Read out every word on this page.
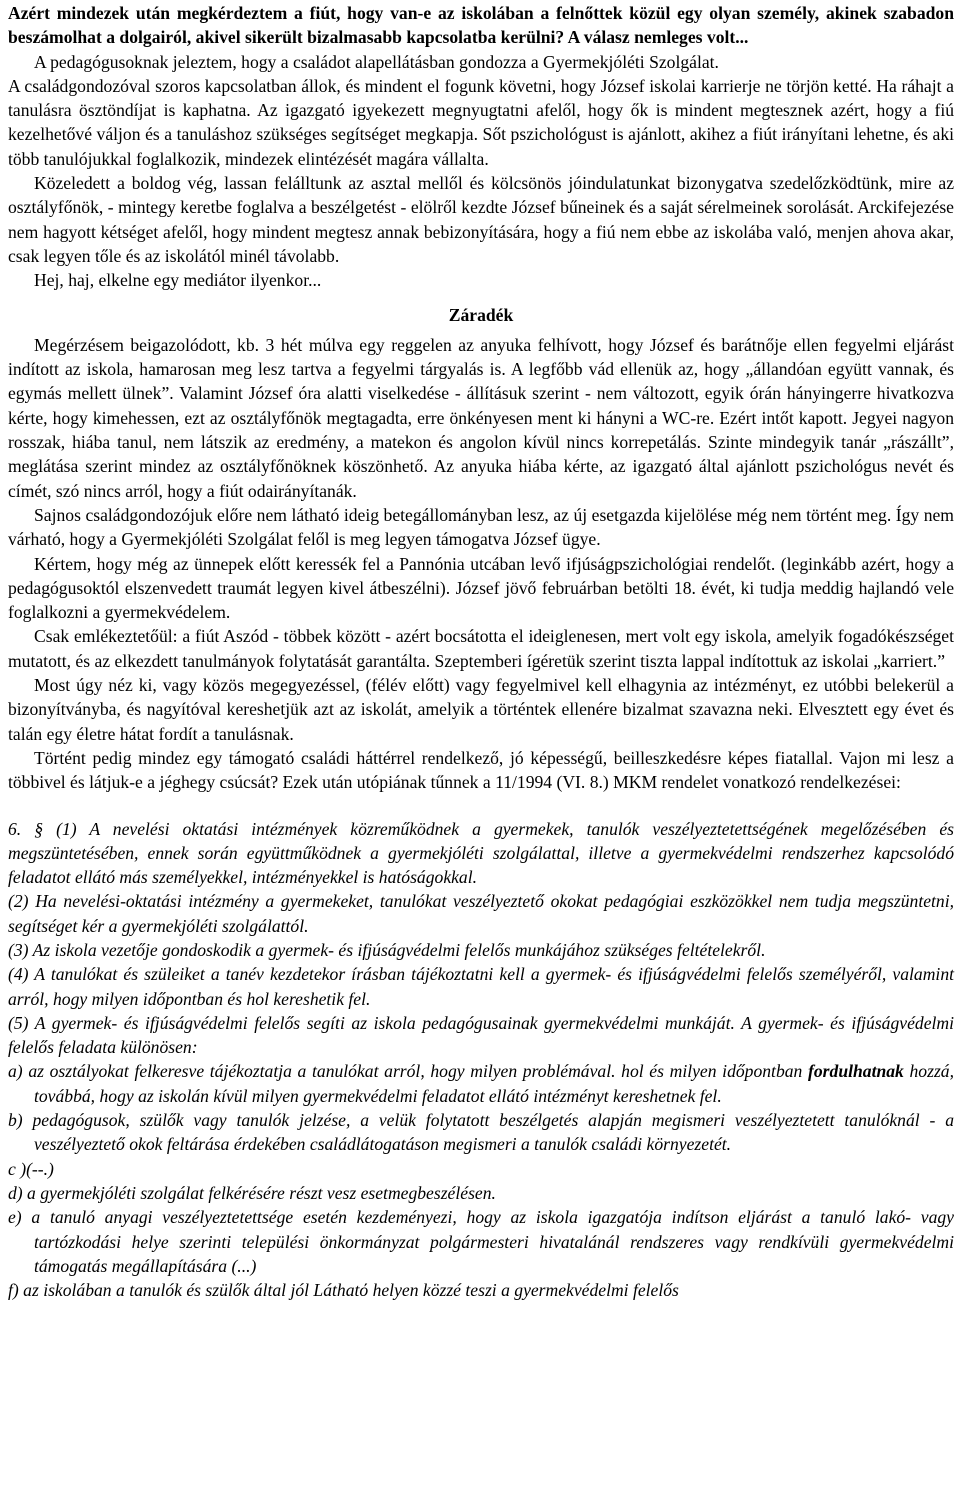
Azért mindezek után megkérdeztem a fiút, hogy van-e az iskolában a felnőttek közül egy olyan személy, akinek szabadon beszámolhat a dolgairól, akivel sikerült bizalmasabb kapcsolatba kerülni? A válasz nemleges volt...

A pedagógusoknak jeleztem, hogy a családot alapellátásban gondozza a Gyermekjóléti Szolgálat.

A családgondozóval szoros kapcsolatban állok, és mindent el fogunk követni, hogy József iskolai karrierje ne törjön ketté. Ha ráhajt a tanulásra ösztöndíjat is kaphatna. Az igazgató igyekezett megnyugtatni afelől, hogy ők is mindent megtesznek azért, hogy a fiú kezelhetővé váljon és a tanuláshoz szükséges segítséget megkapja. Sőt pszichológust is ajánlott, akihez a fiút irányítani lehetne, és aki több tanulójukkal foglalkozik, mindezek elintézését magára vállalta.

Közeledett a boldog vég, lassan felálltunk az asztal mellől és kölcsönös jóindulatunkat bizonygatva szedelőzködtünk, mire az osztályfőnök, - mintegy keretbe foglalva a beszélgetést - elölről kezdte József bűneinek és a saját sérelmeinek sorolását. Arckifejezése nem hagyott kétséget afelől, hogy mindent megtesz annak bebizonyítására, hogy a fiú nem ebbe az iskolába való, menjen ahova akar, csak legyen tőle és az iskolától minél távolabb.

Hej, haj, elkelne egy mediátor ilyenkor...

Záradék

Megérzésem beigazolódott, kb. 3 hét múlva egy reggelen az anyuka felhívott, hogy József és barátnője ellen fegyelmi eljárást indított az iskola, hamarosan meg lesz tartva a fegyelmi tárgyalás is. A legfőbb vád ellenük az, hogy „állandóan együtt vannak, és egymás mellett ülnek”. Valamint József óra alatti viselkedése - állításuk szerint - nem változott, egyik órán hányingerre hivatkozva kérte, hogy kimehessen, ezt az osztályfőnök megtagadta, erre önkényesen ment ki hányni a WC-re. Ezért intőt kapott. Jegyei nagyon rosszak, hiába tanul, nem látszik az eredmény, a matekon és angolon kívül nincs korrepetálás. Szinte mindegyik tanár „rászállt”, meglátása szerint mindez az osztályfőnöknek köszönhető. Az anyuka hiába kérte, az igazgató által ajánlott pszichológus nevét és címét, szó nincs arról, hogy a fiút odairányítanák.

Sajnos családgondozójuk előre nem látható ideig betegállományban lesz, az új esetgazda kijelölése még nem történt meg. Így nem várható, hogy a Gyermekjóléti Szolgálat felől is meg legyen támogatva József ügye.

Kértem, hogy még az ünnepek előtt keressék fel a Pannónia utcában levő ifjúságpszichológiai rendelőt. (leginkább azért, hogy a pedagógusoktól elszenvedett traumát legyen kivel átbeszélni). József jövő februárban betölti 18. évét, ki tudja meddig hajlandó vele foglalkozni a gyermekvédelem.

Csak emlékeztetőül: a fiút Aszód - többek között - azért bocsátotta el ideiglenesen, mert volt egy iskola, amelyik fogadókészséget mutatott, és az elkezdett tanulmányok folytatását garantálta. Szeptemberi ígéretük szerint tiszta lappal indítottuk az iskolai „karriert.”

Most úgy néz ki, vagy közös megegyezéssel, (félév előtt) vagy fegyelmivel kell elhagynia az intézményt, ez utóbbi belekerül a bizonyítványba, és nagyítóval kereshetjük azt az iskolát, amelyik a történtek ellenére bizalmat szavazna neki. Elvesztett egy évet és talán egy életre hátat fordít a tanulásnak.

Történt pedig mindez egy támogató családi háttérrel rendelkező, jó képességű, beilleszkedésre képes fiatallal. Vajon mi lesz a többivel és látjuk-e a jéghegy csúcsát? Ezek után utópiának tűnnek a 11/1994 (VI. 8.) MKM rendelet vonatkozó rendelkezései:

6. § (1) A nevelési oktatási intézmények közreműködnek a gyermekek, tanulók veszélyeztetettségének megelőzésében és megszüntetésében, ennek során együttműködnek a gyermekjóléti szolgálattal, illetve a gyermekvédelmi rendszerhez kapcsolódó feladatot ellátó más személyekkel, intézményekkel is hatóságokkal.

(2) Ha nevelési-oktatási intézmény a gyermekeket, tanulókat veszélyeztető okokat pedagógiai eszközökkel nem tudja megszüntetni, segítséget kér a gyermekjóléti szolgálattól.

(3) Az iskola vezetője gondoskodik a gyermek- és ifjúságvédelmi felelős munkájához szükséges feltételekről.

(4) A tanulókat és szüleiket a tanév kezdetekor írásban tájékoztatni kell a gyermek- és ifjúságvédelmi felelős személyéről, valamint arról, hogy milyen időpontban és hol kereshetik fel.

(5) A gyermek- és ifjúságvédelmi felelős segíti az iskola pedagógusainak gyermekvédelmi munkáját. A gyermek- és ifjúságvédelmi felelős feladata különösen:

a) az osztályokat felkeresve tájékoztatja a tanulókat arról, hogy milyen problémával. hol és milyen időpontban fordulhatnak hozzá, továbbá, hogy az iskolán kívül milyen gyermekvédelmi feladatot ellátó intézményt kereshetnek fel.

b) pedagógusok, szülők vagy tanulók jelzése, a velük folytatott beszélgetés alapján megismeri veszélyeztetett tanulóknál - a veszélyeztető okok feltárása érdekében családlátogatáson megismeri a tanulók családi környezetét.

c )(--.)

d) a gyermekjóléti szolgálat felkérésére részt vesz esetmegbeszélésen.

e) a tanuló anyagi veszélyeztetettsége esetén kezdeményezi, hogy az iskola igazgatója indítson eljárást a tanuló lakó- vagy tartózkodási helye szerinti települési önkormányzat polgármesteri hivatalánál rendszeres vagy rendkívüli gyermekvédelmi támogatás megállapítására (...)

f) az iskolában a tanulók és szülők által jól Láthatό helyen közzé teszi a gyermekvédelmi felelős
